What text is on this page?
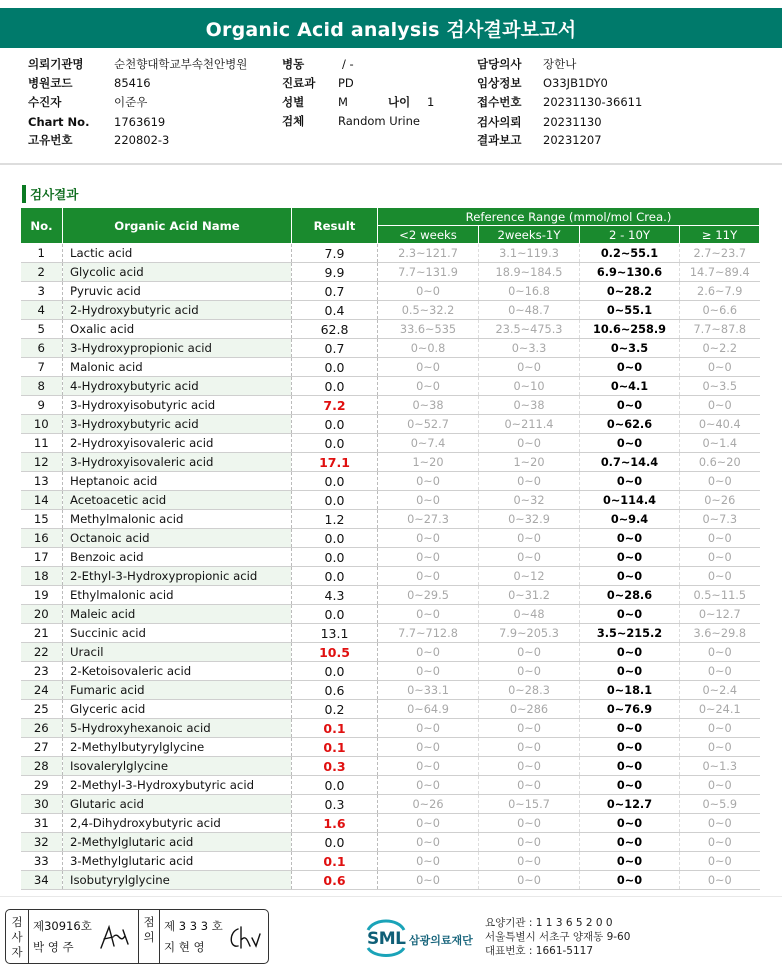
Organic Acid analysis 검사결과보고서
의뢰기관명	순천향대학교부속천안병원
병원코드	85416
수진자	이준우
Chart No. 1763619
고유번호	220802-3
병동	/ -
진료과 PD
성별	M	나이 1
검체	Random Urine
담당의사 장한나
임상정보 O33JB1DY0
접수번호 20231130-36611
검사의뢰 20231130
결과보고 20231207
검사결과
No.	Organic Acid Name	Result	Reference Range (mmol/mol Crea.)			
			<2 weeks	2weeks-1Y	2 - 10Y	≥ 11Y
1	Lactic acid	7.9	2.3~121.7	3.1~119.3	0.2~55.1	2.7~23.7
2	Glycolic acid	9.9	7.7~131.9	18.9~184.5	6.9~130.6	14.7~89.4
3	Pyruvic acid	0.7	0~0	0~16.8	0~28.2	2.6~7.9
4	2-Hydroxybutyric acid	0.4	0.5~32.2	0~48.7	0~55.1	0~6.6
5	Oxalic acid	62.8	33.6~535	23.5~475.3	10.6~258.9	7.7~87.8
6	3-Hydroxypropionic acid	0.7	0~0.8	0~3.3	0~3.5	0~2.2
7	Malonic acid	0.0	0~0	0~0	0~0	0~0
8	4-Hydroxybutyric acid	0.0	0~0	0~10	0~4.1	0~3.5
9	3-Hydroxyisobutyric acid	7.2	0~38	0~38	0~0	0~0
10	3-Hydroxybutyric acid	0.0	0~52.7	0~211.4	0~62.6	0~40.4
11	2-Hydroxyisovaleric acid	0.0	0~7.4	0~0	0~0	0~1.4
12	3-Hydroxyisovaleric acid	17.1	1~20	1~20	0.7~14.4	0.6~20
13	Heptanoic acid	0.0	0~0	0~0	0~0	0~0
14	Acetoacetic acid	0.0	0~0	0~32	0~114.4	0~26
15	Methylmalonic acid	1.2	0~27.3	0~32.9	0~9.4	0~7.3
16	Octanoic acid	0.0	0~0	0~0	0~0	0~0
17	Benzoic acid	0.0	0~0	0~0	0~0	0~0
18	2-Ethyl-3-Hydroxypropionic acid	0.0	0~0	0~12	0~0	0~0
19	Ethylmalonic acid	4.3	0~29.5	0~31.2	0~28.6	0.5~11.5
20	Maleic acid	0.0	0~0	0~48	0~0	0~12.7
21	Succinic acid	13.1	7.7~712.8	7.9~205.3	3.5~215.2	3.6~29.8
22	Uracil	10.5	0~0	0~0	0~0	0~0
23	2-Ketoisovaleric acid	0.0	0~0	0~0	0~0	0~0
24	Fumaric acid	0.6	0~33.1	0~28.3	0~18.1	0~2.4
25	Glyceric acid	0.2	0~64.9	0~286	0~76.9	0~24.1
26	5-Hydroxyhexanoic acid	0.1	0~0	0~0	0~0	0~0
27	2-Methylbutyrylglycine	0.1	0~0	0~0	0~0	0~0
28	Isovalerylglycine	0.3	0~0	0~0	0~0	0~1.3
29	2-Methyl-3-Hydroxybutyric acid	0.0	0~0	0~0	0~0	0~0
30	Glutaric acid	0.3	0~26	0~15.7	0~12.7	0~5.9
31	2,4-Dihydroxybutyric acid	1.6	0~0	0~0	0~0	0~0
32	2-Methylglutaric acid	0.0	0~0	0~0	0~0	0~0
33	3-Methylglutaric acid	0.1	0~0	0~0	0~0	0~0
34	Isobutyrylglycine	0.6	0~0	0~0	0~0	0~0
검사자
제30916호
박 영 주
점의
제 3 3 3 호
지 현 영	SML 삼광의료재단
요양기관 : 1 1 3 6 5 2 0 0
서울특별시 서초구 양재동 9-60
대표번호 : 1661-5117
